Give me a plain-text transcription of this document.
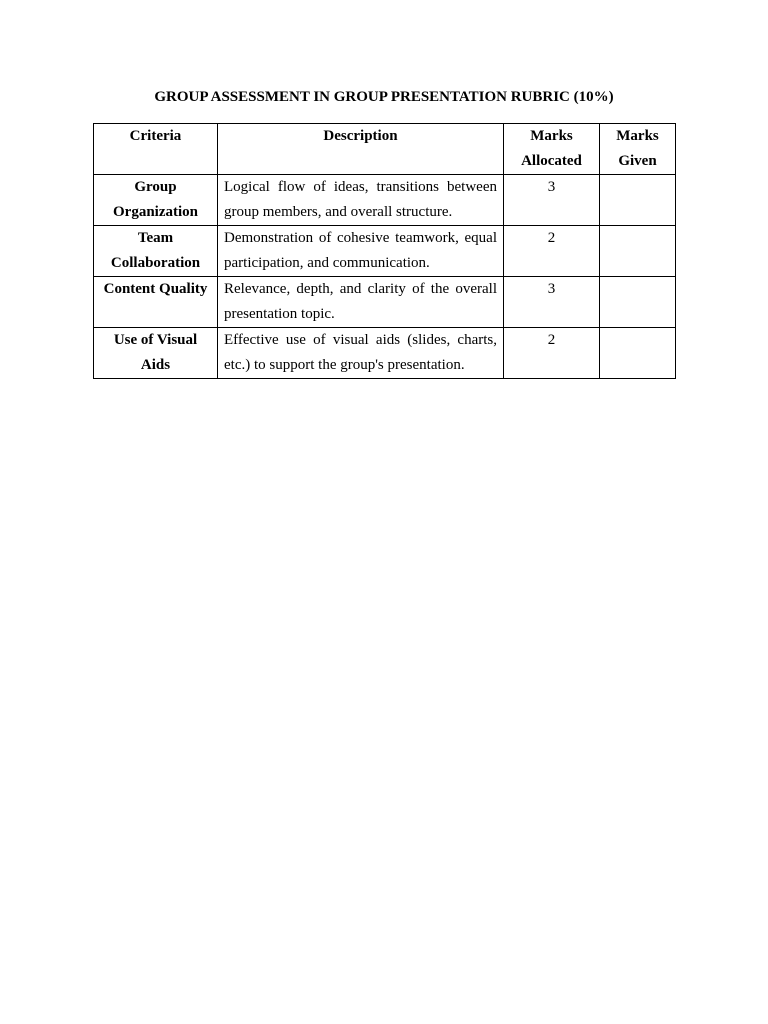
GROUP ASSESSMENT IN GROUP PRESENTATION RUBRIC (10%)
Criteria	Description	Marks Allocated	Marks Given
Group Organization	Logical flow of ideas, transitions between group members, and overall structure.	3	
Team Collaboration	Demonstration of cohesive teamwork, equal participation, and communication.	2	
Content Quality	Relevance, depth, and clarity of the overall presentation topic.	3	
Use of Visual Aids	Effective use of visual aids (slides, charts, etc.) to support the group's presentation.	2	
